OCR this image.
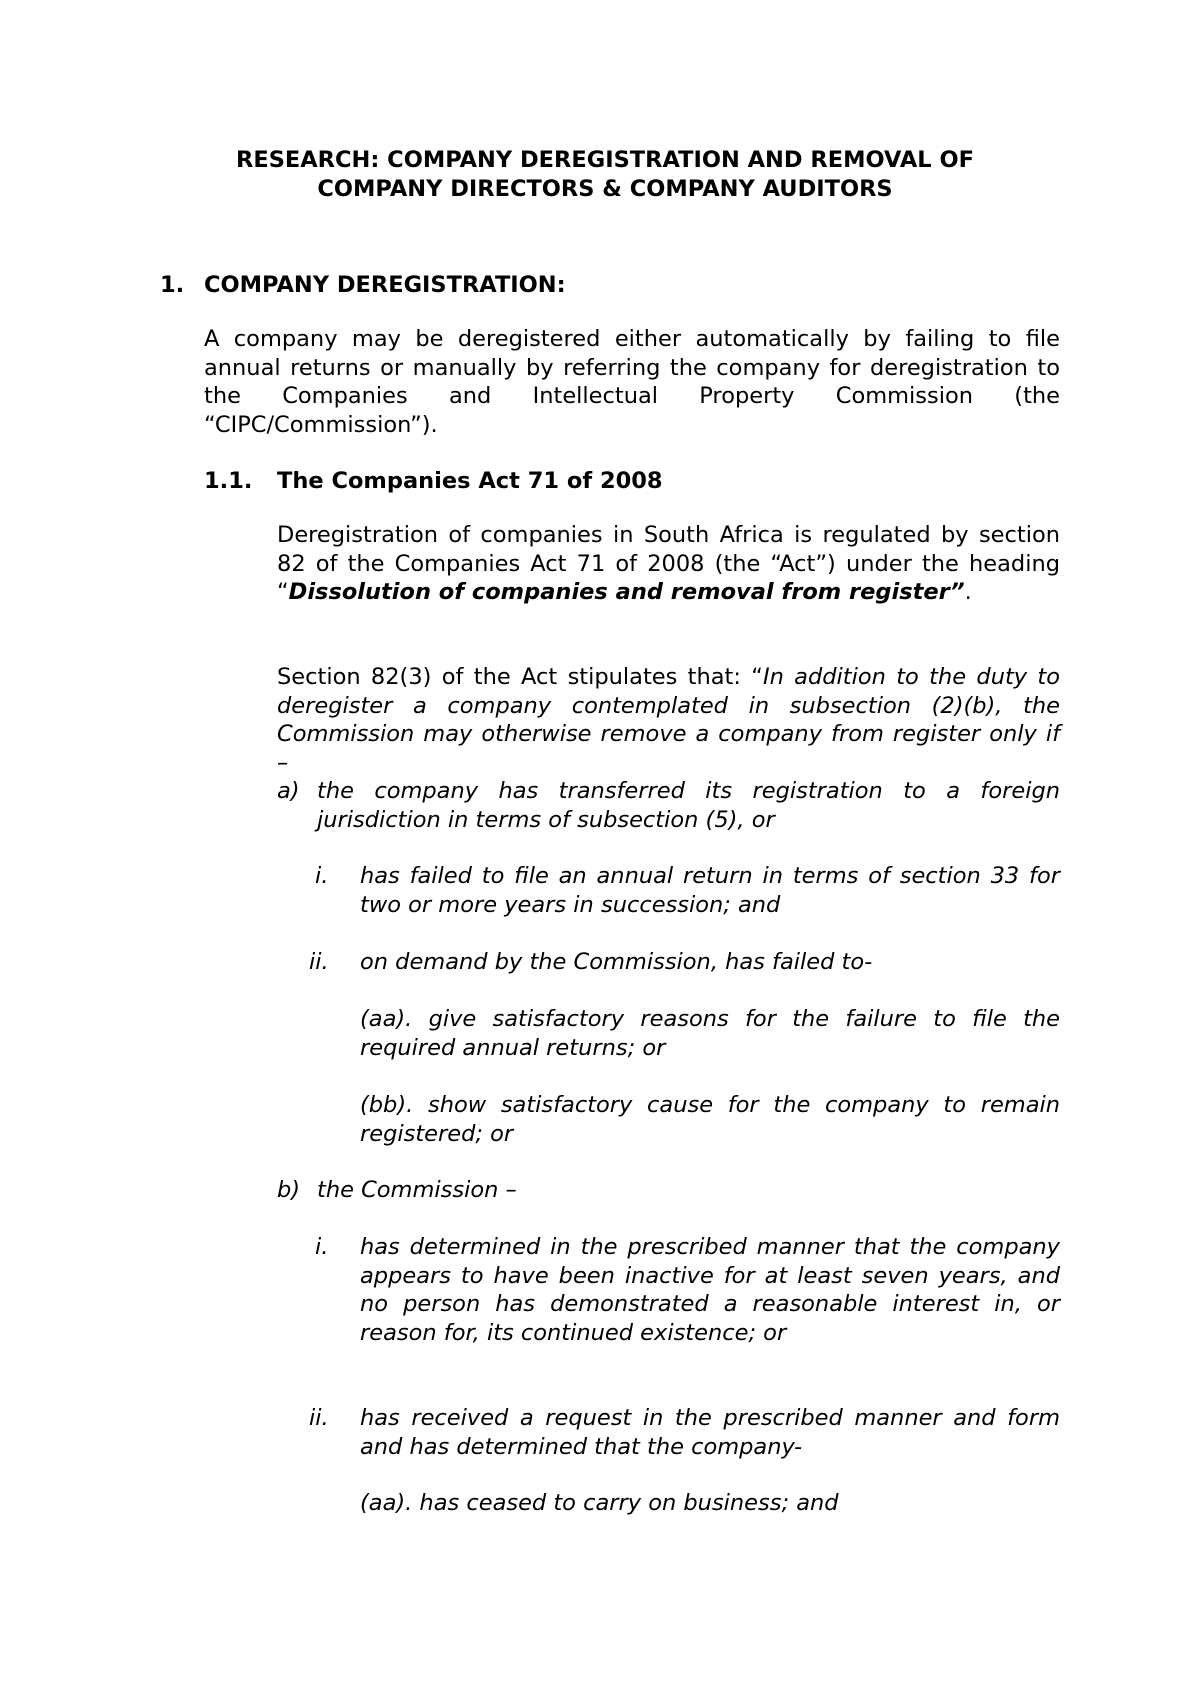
RESEARCH: COMPANY DEREGISTRATION AND REMOVAL OF
COMPANY DIRECTORS & COMPANY AUDITORS
1. COMPANY DEREGISTRATION:
A company may be deregistered either automatically by failing to file annual returns or manually by referring the company for deregistration to the Companies and Intellectual Property Commission (the “CIPC/Commission”).
1.1. The Companies Act 71 of 2008
Deregistration of companies in South Africa is regulated by section 82 of the Companies Act 71 of 2008 (the “Act”) under the heading “Dissolution of companies and removal from register”.
Section 82(3) of the Act stipulates that: “In addition to the duty to deregister a company contemplated in subsection (2)(b), the Commission may otherwise remove a company from register only if –
a) the company has transferred its registration to a foreign jurisdiction in terms of subsection (5), or
i. has failed to file an annual return in terms of section 33 for two or more years in succession; and
ii. on demand by the Commission, has failed to-
(aa). give satisfactory reasons for the failure to file the required annual returns; or
(bb). show satisfactory cause for the company to remain registered; or
b) the Commission –
i. has determined in the prescribed manner that the company appears to have been inactive for at least seven years, and no person has demonstrated a reasonable interest in, or reason for, its continued existence; or
ii. has received a request in the prescribed manner and form and has determined that the company-
(aa). has ceased to carry on business; and
